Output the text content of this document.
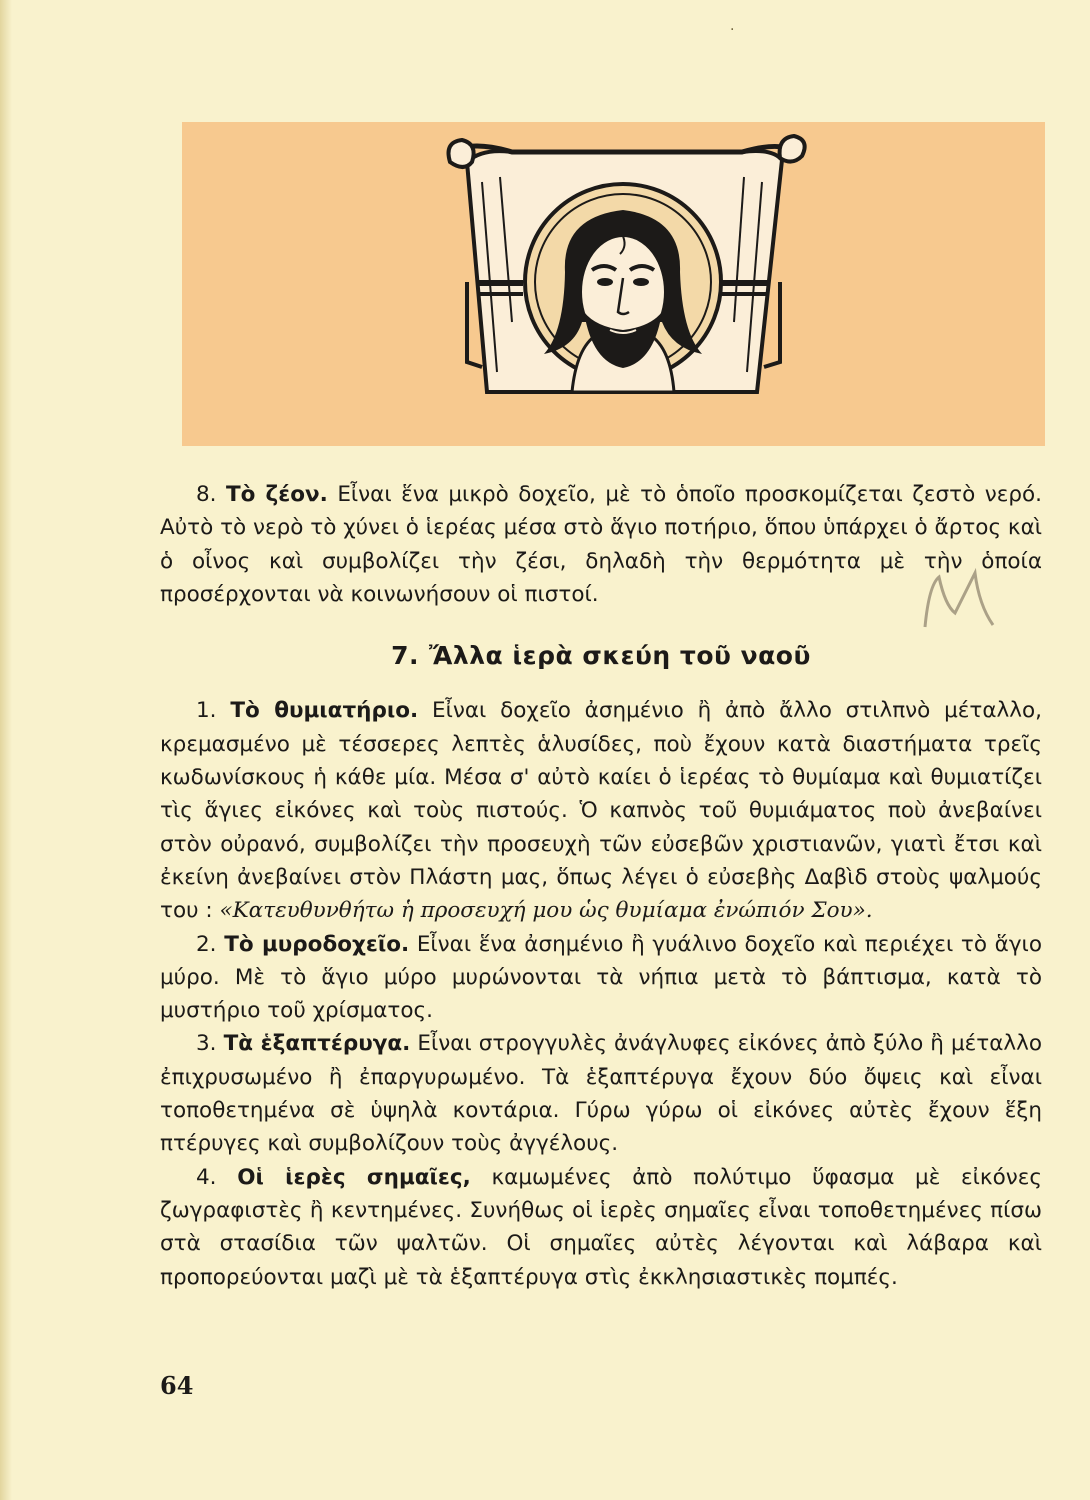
·

8. Τὸ ζέον. Εἶναι ἕνα μικρὸ δοχεῖο, μὲ τὸ ὁποῖο προσκομίζεται ζεστὸ νερό. Αὐτὸ τὸ νερὸ τὸ χύνει ὁ ἱερέας μέσα στὸ ἅγιο ποτήριο, ὅπου ὑπάρχει ὁ ἄρτος καὶ ὁ οἶνος καὶ συμβολίζει τὴν ζέσι, δηλαδὴ τὴν θερμότητα μὲ τὴν ὁποία προσέρχονται νὰ κοινωνήσουν οἱ πιστοί.

7. Ἄλλα ἱερὰ σκεύη τοῦ ναοῦ

1. Τὸ θυμιατήριο. Εἶναι δοχεῖο ἀσημένιο ἢ ἀπὸ ἄλλο στιλπνὸ μέταλλο, κρεμασμένο μὲ τέσσερες λεπτὲς ἁλυσίδες, ποὺ ἔχουν κατὰ διαστήματα τρεῖς κωδωνίσκους ἡ κάθε μία. Μέσα σ' αὐτὸ καίει ὁ ἱερέας τὸ θυμίαμα καὶ θυμιατίζει τὶς ἅγιες εἰκόνες καὶ τοὺς πιστούς. Ὁ καπνὸς τοῦ θυμιάματος ποὺ ἀνεβαίνει στὸν οὐρανό, συμβολίζει τὴν προσευχὴ τῶν εὐσεβῶν χριστιανῶν, γιατὶ ἔτσι καὶ ἐκείνη ἀνεβαίνει στὸν Πλάστη μας, ὅπως λέγει ὁ εὐσεβὴς Δαβὶδ στοὺς ψαλμούς του : «Κατευθυνθήτω ἡ προσευχή μου ὡς θυμίαμα ἐνώπιόν Σου».

2. Τὸ μυροδοχεῖο. Εἶναι ἕνα ἀσημένιο ἢ γυάλινο δοχεῖο καὶ περιέχει τὸ ἅγιο μύρο. Μὲ τὸ ἅγιο μύρο μυρώνονται τὰ νήπια μετὰ τὸ βάπτισμα, κατὰ τὸ μυστήριο τοῦ χρίσματος.

3. Τὰ ἑξαπτέρυγα. Εἶναι στρογγυλὲς ἀνάγλυφες εἰκόνες ἀπὸ ξύλο ἢ μέταλλο ἐπιχρυσωμένο ἢ ἐπαργυρωμένο. Τὰ ἑξαπτέρυγα ἔχουν δύο ὄψεις καὶ εἶναι τοποθετημένα σὲ ὑψηλὰ κοντάρια. Γύρω γύρω οἱ εἰκόνες αὐτὲς ἔχουν ἕξη πτέρυγες καὶ συμβολίζουν τοὺς ἀγγέλους.

4. Οἱ ἱερὲς σημαῖες, καμωμένες ἀπὸ πολύτιμο ὕφασμα μὲ εἰκόνες ζωγραφιστὲς ἢ κεντημένες. Συνήθως οἱ ἱερὲς σημαῖες εἶναι τοποθετημένες πίσω στὰ στασίδια τῶν ψαλτῶν. Οἱ σημαῖες αὐτὲς λέγονται καὶ λάβαρα καὶ προπορεύονται μαζὶ μὲ τὰ ἑξαπτέρυγα στὶς ἐκκλησιαστικὲς πομπές.

64
